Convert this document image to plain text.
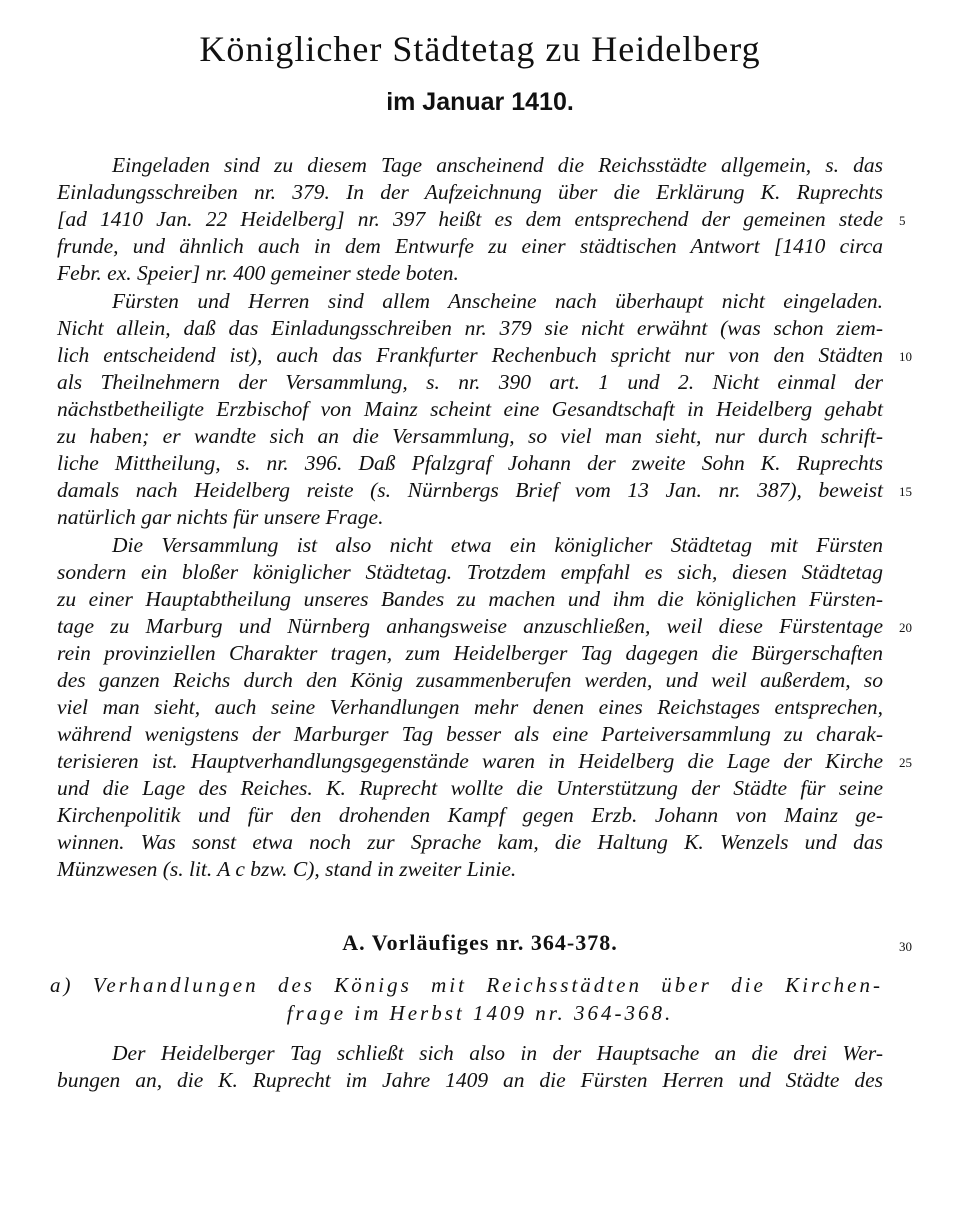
Königlicher Städtetag zu Heidelberg
im Januar 1410.
Eingeladen sind zu diesem Tage anscheinend die Reichsstädte allgemein, s. das
Einladungsschreiben nr. 379. In der Aufzeichnung über die Erklärung K. Ruprechts
[ad 1410 Jan. 22 Heidelberg] nr. 397 heißt es dem entsprechend der gemeinen stede
frunde, und ähnlich auch in dem Entwurfe zu einer städtischen Antwort [1410 circa
Febr. ex. Speier] nr. 400 gemeiner stede boten.
Fürsten und Herren sind allem Anscheine nach überhaupt nicht eingeladen.
Nicht allein, daß das Einladungsschreiben nr. 379 sie nicht erwähnt (was schon ziem-
lich entscheidend ist), auch das Frankfurter Rechenbuch spricht nur von den Städten
als Theilnehmern der Versammlung, s. nr. 390 art. 1 und 2. Nicht einmal der
nächstbetheiligte Erzbischof von Mainz scheint eine Gesandtschaft in Heidelberg gehabt
zu haben; er wandte sich an die Versammlung, so viel man sieht, nur durch schrift-
liche Mittheilung, s. nr. 396. Daß Pfalzgraf Johann der zweite Sohn K. Ruprechts
damals nach Heidelberg reiste (s. Nürnbergs Brief vom 13 Jan. nr. 387), beweist
natürlich gar nichts für unsere Frage.
Die Versammlung ist also nicht etwa ein königlicher Städtetag mit Fürsten
sondern ein bloßer königlicher Städtetag. Trotzdem empfahl es sich, diesen Städtetag
zu einer Hauptabtheilung unseres Bandes zu machen und ihm die königlichen Fürsten-
tage zu Marburg und Nürnberg anhangsweise anzuschließen, weil diese Fürstentage
rein provinziellen Charakter tragen, zum Heidelberger Tag dagegen die Bürgerschaften
des ganzen Reichs durch den König zusammenberufen werden, und weil außerdem, so
viel man sieht, auch seine Verhandlungen mehr denen eines Reichstages entsprechen,
während wenigstens der Marburger Tag besser als eine Parteiversammlung zu charak-
terisieren ist. Hauptverhandlungsgegenstände waren in Heidelberg die Lage der Kirche
und die Lage des Reiches. K. Ruprecht wollte die Unterstützung der Städte für seine
Kirchenpolitik und für den drohenden Kampf gegen Erzb. Johann von Mainz ge-
winnen. Was sonst etwa noch zur Sprache kam, die Haltung K. Wenzels und das
Münzwesen (s. lit. A c bzw. C), stand in zweiter Linie.
A. Vorläufiges nr. 364-378.
a) Verhandlungen des Königs mit Reichsstädten über die Kirchen-
frage im Herbst 1409 nr. 364-368.
Der Heidelberger Tag schließt sich also in der Hauptsache an die drei Wer-
bungen an, die K. Ruprecht im Jahre 1409 an die Fürsten Herren und Städte des
5
10
15
20
25
30
